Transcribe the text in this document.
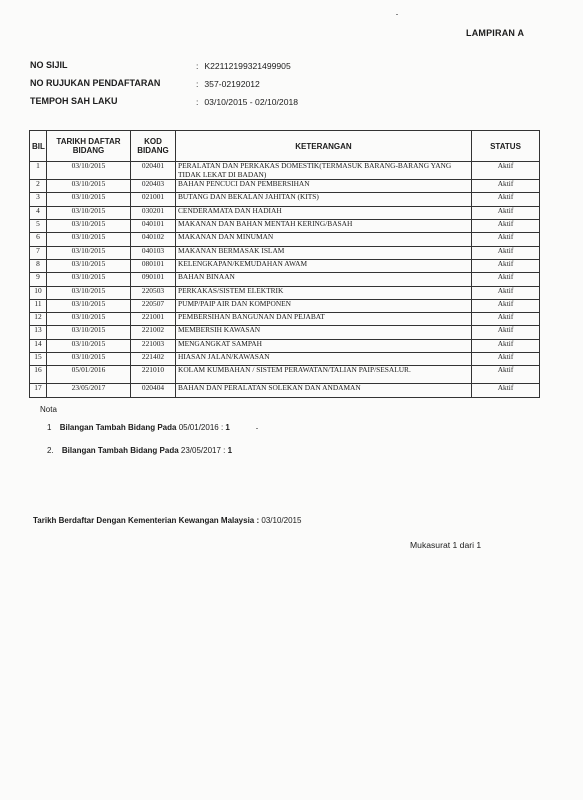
LAMPIRAN A
NO SIJIL	: K22112199321499905
NO RUJUKAN PENDAFTARAN	: 357-02192012
TEMPOH SAH LAKU	: 03/10/2015 - 02/10/2018
BIL	TARIKH DAFTAR BIDANG	KOD BIDANG	KETERANGAN	STATUS
1	03/10/2015	020401	PERALATAN DAN PERKAKAS DOMESTIK(TERMASUK BARANG-BARANG YANG TIDAK LEKAT DI BADAN)	Aktif
2	03/10/2015	020403	BAHAN PENCUCI DAN PEMBERSIHAN	Aktif
3	03/10/2015	021001	BUTANG DAN BEKALAN JAHITAN (KITS)	Aktif
4	03/10/2015	030201	CENDERAMATA DAN HADIAH	Aktif
5	03/10/2015	040101	MAKANAN DAN BAHAN MENTAH KERING/BASAH	Aktif
6	03/10/2015	040102	MAKANAN DAN MINUMAN	Aktif
7	03/10/2015	040103	MAKANAN BERMASAK ISLAM	Aktif
8	03/10/2015	080101	KELENGKAPAN/KEMUDAHAN AWAM	Aktif
9	03/10/2015	090101	BAHAN BINAAN	Aktif
10	03/10/2015	220503	PERKAKAS/SISTEM ELEKTRIK	Aktif
11	03/10/2015	220507	PUMP/PAIP AIR DAN KOMPONEN	Aktif
12	03/10/2015	221001	PEMBERSIHAN BANGUNAN DAN PEJABAT	Aktif
13	03/10/2015	221002	MEMBERSIH KAWASAN	Aktif
14	03/10/2015	221003	MENGANGKAT SAMPAH	Aktif
15	03/10/2015	221402	HIASAN JALAN/KAWASAN	Aktif
16	05/01/2016	221010	KOLAM KUMBAHAN / SISTEM PERAWATAN/TALIAN PAIP/SESALUR.	Aktif
17	23/05/2017	020404	BAHAN DAN PERALATAN SOLEKAN DAN ANDAMAN	Aktif
Nota
1 Bilangan Tambah Bidang Pada 05/01/2016 : 1
2. Bilangan Tambah Bidang Pada 23/05/2017 : 1
Tarikh Berdaftar Dengan Kementerian Kewangan Malaysia : 03/10/2015
Mukasurat 1 dari 1
